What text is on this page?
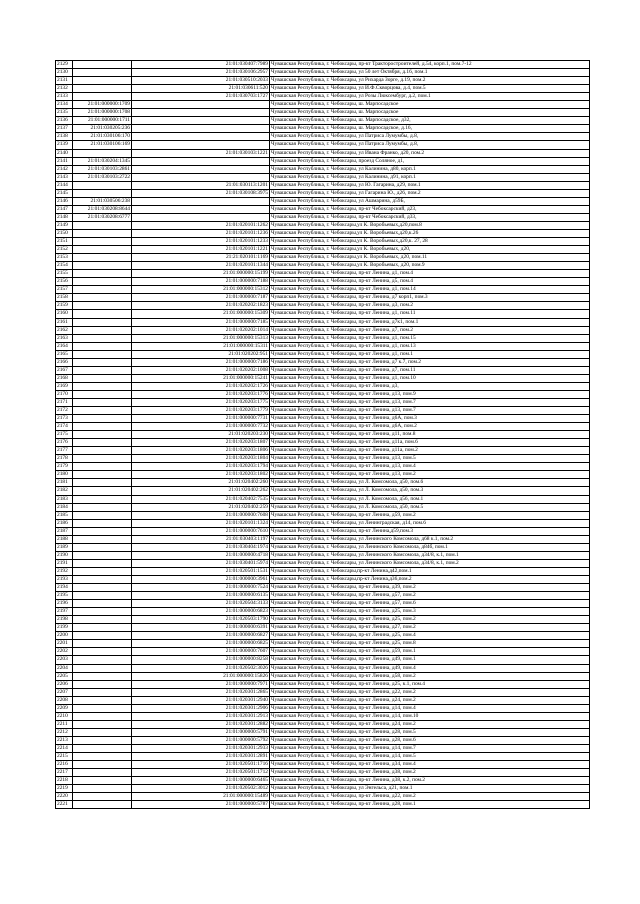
2129		21:01:030407:7989	Чувашская Республика, г. Чебоксары, пр-кт Тракторостроителей, д.54, корп.1, пом.7-12
2130		21:01:030106:2957	Чувашская Республика, г. Чебоксары, ул 50 лет Октября, д.16, пом.1
2131		21:01:030510:2033	Чувашская Республика, г. Чебоксары, ул Рихарда Зорге, д.19, пом.2
2132		21:01:030611:520	Чувашская Республика, г. Чебоксары, ул И.Ф.Скворцова, д.4, пом.5
2133		21:01:030703:1727	Чувашская Республика, г. Чебоксары, ул Розы Люксембург, д.2, пом.1
2134	21:01:000000:1709		Чувашская Республика, г. Чебоксары, ш. Марпосадское
2135	21:01:000000:1708		Чувашская Республика, г. Чебоксары, ш. Марпосадское
2136	21:01:000000:1711		Чувашская Республика, г. Чебоксары, ш. Марпосадское, д32,
2137	21:01:030205:236		Чувашская Республика, г. Чебоксары, ш. Марпосадское, д.16,
2138	21:01:030106:170		Чувашская Республика, г. Чебоксары, ул Патриса Лумумбы, д.8,
2139	21:01:030106:169		Чувашская Республика, г. Чебоксары, ул Патриса Лумумбы, д.8,
2140		21:01:030103:1221	Чувашская Республика, г. Чебоксары, ул Ивана Франко, д20, пом.2
2141	21:01:030204:1345		Чувашская Республика, г. Чебоксары, проезд Соляное, д1,
2142	21:01:030103:2861		Чувашская Республика, г. Чебоксары, ул Калинина, д80, корп.1
2143	21:01:030103:2722		Чувашская Республика, г. Чебоксары, ул Калинина, д91, корп.1
2144		21:01:030113:1201	Чувашская Республика, г. Чебоксары, ул Ю. Гагарина, д29, пом.1
2145		21:01:030108:3975	Чувашская Республика, г. Чебоксары, ул Гагарина Ю., д26, пом.2
2146	21:01:030506:238		Чувашская Республика, г. Чебоксары, ул Ашмарина, д59Б,
2147	21:01:030208:8644		Чувашская Республика, г. Чебоксары, пр-кт Чебоксарский, д23,
2148	21:01:030208:6777		Чувашская Республика, г. Чебоксары, пр-кт Чебоксарский, д33,
2149		21:01:020101:1262	Чувашская Республика, г. Чебоксары,ул К. Воробьевых,д20,пом.8
2150		21:01:020101:1236	Чувашская Республика, г. Чебоксары,ул К. Воробьевых,д20,к.26
2151		21:01:020101:1233	Чувашская Республика, г. Чебоксары,ул К. Воробьевых,д20,к. 27, 28
2152		21:01:020101:1221	Чувашская Республика, г. Чебоксары,ул К. Воробьевых, д20,
2153		21:21:020101:1169	Чувашская Республика, г. Чебоксары,ул К. Воробьевых, д20, пом.11
2154		21:01:020101:1344	Чувашская Республика, г. Чебоксары,ул К. Воробьевых, д20, пом.9
2155		21:01:000000:15199	Чувашская Республика, г. Чебоксары, пр-кт Ленина, д1, пом.4
2156		21:01:000000:7188	Чувашская Республика, г. Чебоксары, пр-кт Ленина, д5, пом.4
2157		21:01:000000:15312	Чувашская Республика, г. Чебоксары, пр-кт Ленина, д1, пом.14
2158		21:01:000000:7187	Чувашская Республика, г. Чебоксары, пр-кт Ленина, д7 корп1, пом.3
2159		21:01:020202:1823	Чувашская Республика, г. Чебоксары, пр-кт Ленина, д3, пом.2
2160		21:01:000000:15309	Чувашская Республика, г. Чебоксары, пр-кт Ленина, д1, пом.11
2161		21:01:000000:7185	Чувашская Республика, г. Чебоксары, пр-кт Ленина, д7к1, пом.1
2162		21:01:020202:1014	Чувашская Республика, г. Чебоксары, пр-кт Ленина, д7, пом.2
2163		21:01:000000:15313	Чувашская Республика, г. Чебоксары, пр-кт Ленина, д1, пом.15
2164		21:01:000000:15311	Чувашская Республика, г. Чебоксары, пр-кт Ленина, д1, пом.13
2165		21:01:020202:951	Чувашская Республика, г. Чебоксары, пр-кт Ленина, д1, пом.1
2166		21:01:000000:7186	Чувашская Республика, г. Чебоксары, пр-кт Ленина, д7 к.7, пом.2
2167		21:01:020202:1008	Чувашская Республика, г. Чебоксары, пр-кт Ленина, д7, пом.11
2168		21:01:000000:15241	Чувашская Республика, г. Чебоксары, пр-кт Ленина, д1, пом.10
2169		21:01:020202:1726	Чувашская Республика, г. Чебоксары, пр-кт Ленина, д3,
2170		21:01:020203:1776	Чувашская Республика, г. Чебоксары, пр-кт Ленина, д13, пом.9
2171		21:01:020203:1775	Чувашская Республика, г. Чебоксары, пр-кт Ленина, д13, пом.7
2172		21:01:020203:1779	Чувашская Республика, г. Чебоксары, пр-кт Ленина, д13, пом.7
2173		21:01:000000:7731	Чувашская Республика, г. Чебоксары, пр-кт Ленина, д6А, пом.3
2174		21:01:000000:7732	Чувашская Республика, г. Чебоксары, пр-кт Ленина, д6А, пом.2
2175		21:01:020203:230	Чувашская Республика, г. Чебоксары, пр-кт Ленина, д11, пом.8
2176		21:01:020203:1807	Чувашская Республика, г. Чебоксары, пр-кт Ленина, д11а, пом.6
2177		21:01:020203:1806	Чувашская Республика, г. Чебоксары, пр-кт Ленина, д11а, пом.2
2178		21:01:020203:1804	Чувашская Республика, г. Чебоксары, пр-кт Ленина, д13, пом.5
2179		21:01:020203:1794	Чувашская Республика, г. Чебоксары, пр-кт Ленина, д13, пом.4
2180		21:01:020203:1802	Чувашская Республика, г. Чебоксары, пр-кт Ленина, д13, пом.2
2181		21:01:020402:260	Чувашская Республика, г. Чебоксары, ул Л. Комсомола, д50, пом.6
2182		21:01:020402:262	Чувашская Республика, г. Чебоксары, ул Л. Комсомола, д50, пом.3
2183		21:01:020402:7535	Чувашская Республика, г. Чебоксары, ул Л. Комсомола, д56, пом.1
2184		21:01:020402:259	Чувашская Республика, г. Чебоксары, ул Л. Комсомола, д50, пом.5
2185		21:01:000000:7608	Чувашская Республика, г. Чебоксары, пр-кт Ленина, д59, пом.2
2186		21:01:020101:1324	Чувашская Республика, г. Чебоксары, ул Ленинградская, д14, пом.6
2187		21:01:000000:7610	Чувашская Республика, г. Чебоксары, пр-кт Ленина,д59,пом.3
2188		21:01:030403:1197	Чувашская Республика, г. Чебоксары, ул Ленинского Комсомола, д68 к.1, пом.2
2189		21:01:030404:1974	Чувашская Республика, г. Чебоксары, ул Ленинского Комсомола, д84б, пом.1
2190		21:01:000000:4718	Чувашская Республика, г. Чебоксары, ул Ленинского Комсомола, д34/8, к.1, пом.1
2191		21:01:030401:5974	Чувашская Республика, г. Чебоксары, ул Ленинского Комсомола, д34/8, к.1, пом.2
2192		21:01:020501:1531	Чувашская Республика, г. Чебоксары,пр-кт Ленина,д42,пом.1
2193		21:01:000000:3961	Чувашская Республика, г. Чебоксары,пр-кт Ленина,д36,пом.2
2194		21:01:000000:7524	Чувашская Республика, г. Чебоксары, пр-кт Ленина, д39, пом.2
2195		21:01:000000:6135	Чувашская Республика, г. Чебоксары, пр-кт Ленина, д57, пом.2
2196		21:01:020504:3133	Чувашская Республика, г. Чебоксары, пр-кт Ленина, д57, пом.6
2197		21:01:000000:6823	Чувашская Республика, г. Чебоксары, пр-кт Ленина, д25, пом.3
2198		21:01:020503:1790	Чувашская Республика, г. Чебоксары, пр-кт Ленина, д25, пом.2
2199		21:01:000000:6391	Чувашская Республика, г. Чебоксары, пр-кт Ленина, д27, пом.2
2200		21:01:000000:6827	Чувашская Республика, г. Чебоксары, пр-кт Ленина, д25, пом.4
2201		21:01:000000:6825	Чувашская Республика, г. Чебоксары, пр-кт Ленина, д25, пом.8
2202		21:01:000000:7607	Чувашская Республика, г. Чебоксары, пр-кт Ленина, д59, пом.1
2203		21:01:000000:8258	Чувашская Республика, г. Чебоксары, пр-кт Ленина, д49, пом.1
2204		21:01:020502:3026	Чувашская Республика, г. Чебоксары, пр-кт Ленина, д49, пом.4
2205		21:01:000000:15826	Чувашская Республика, г. Чебоксары, пр-кт Ленина, д58, пом.2
2206		21:01:000000:7971	Чувашская Республика, г. Чебоксары, пр-кт Ленина, д25, к.1, пом.4
2207		21:01:020301:2865	Чувашская Республика, г. Чебоксары, пр-кт Ленина, д22, пом.2
2208		21:01:020301:2940	Чувашская Республика, г. Чебоксары, пр-кт Ленина, д24, пом.2
2209		21:01:020301:2906	Чувашская Республика, г. Чебоксары, пр-кт Ленина, д14, пом.4
2210		21:01:020301:2913	Чувашская Республика, г. Чебоксары, пр-кт Ленина, д14, пом.10
2211		21:01:020301:2882	Чувашская Республика, г. Чебоксары, пр-кт Ленина, д24, пом.2
2212		21:01:000000:5791	Чувашская Республика, г. Чебоксары, пр-кт Ленина, д28, пом.5
2213		21:01:000000:5792	Чувашская Республика, г. Чебоксары, пр-кт Ленина, д28, пом.6
2214		21:01:020301:2933	Чувашская Республика, г. Чебоксары, пр-кт Ленина, д14, пом.7
2215		21:01:020301:2891	Чувашская Республика, г. Чебоксары, пр-кт Ленина, д14, пом.5
2216		21:01:020501:1716	Чувашская Республика, г. Чебоксары, пр-кт Ленина, д34, пом.4
2217		21:01:020501:1712	Чувашская Республика, г. Чебоксары, пр-кт Ленина, д38, пом.2
2218		21:01:000000:6465	Чувашская Республика, г. Чебоксары, пр-кт Ленина, д38, к.2, пом.2
2219		21:01:020502:3012	Чувашская Республика, г. Чебоксары, ул Энгельса, д21, пом.1
2220		21:01:000000:15489	Чувашская Республика, г. Чебоксары, пр-кт Ленина, д22, пом.2
2221		21:01:000000:5787	Чувашская Республика, г. Чебоксары, пр-кт Ленина, д28, пом.1
